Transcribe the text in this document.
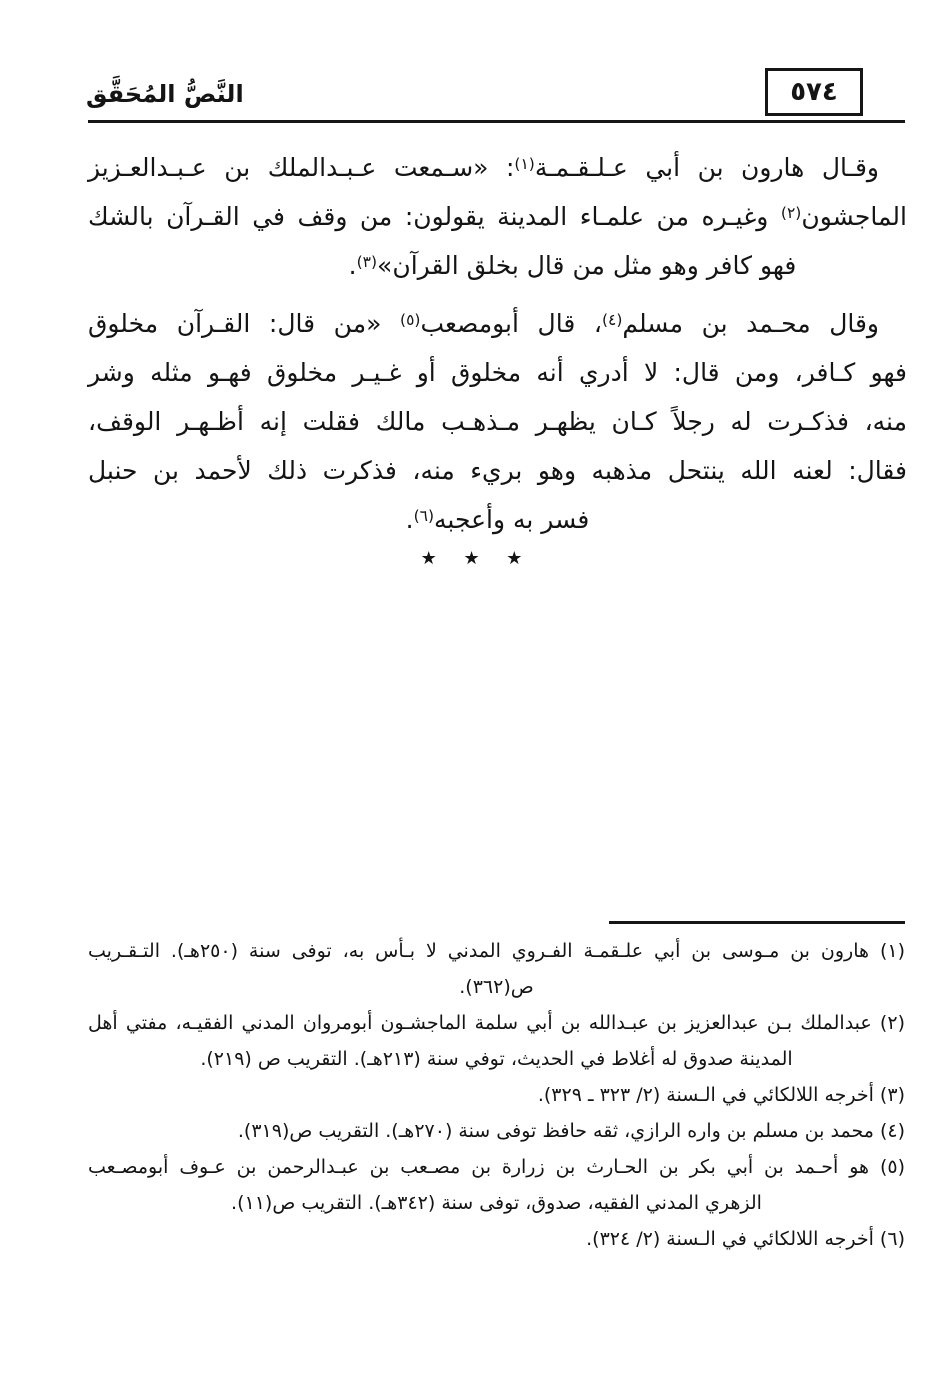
النَّصُّ المُحَقَّق	٥٧٤
وقـال هارون بن أبي عـلـقـمـة$^{(١)}$: «سـمعت عـبـدالملك بن عـبـدالعـزيز
الماجشون$^{(٢)}$ وغيـره من علمـاء المدينة يقولون: من وقف في القـرآن بالشك
فهو كافر وهو مثل من قال بخلق القرآن»$^{(٣)}$.
وقال محـمد بن مسلم$^{(٤)}$، قال أبومصعب$^{(٥)}$ «من قال: القـرآن مخلوق
فهو كـافر، ومن قال: لا أدري أنه مخلوق أو غـيـر مخلوق فهـو مثله وشر
منه، فذكـرت له رجلاً كـان يظهـر مـذهـب مالك فقلت إنه أظـهـر الوقف،
فقال: لعنه الله ينتحل مذهبه وهو بريء منه، فذكرت ذلك لأحمد بن حنبل
فسر به وأعجبه$^{(٦)}$.
٭ ٭ ٭
(١) هارون بن مـوسى بن أبي علـقمـة الفـروي المدني لا بـأس به، توفى سنة (٢٥٠هـ). التـقـريب
ص(٣٦٢).
(٢) عبدالملك بـن عبدالعزيز بن عبـدالله بن أبي سلمة الماجشـون أبومروان المدني الفقيـه، مفتي أهل
المدينة صدوق له أغلاط في الحديث، توفي سنة (٢١٣هـ). التقريب ص (٢١٩).
(٣) أخرجه اللالكائي في الـسنة (٢/ ٣٢٣ ـ ٣٢٩).
(٤) محمد بن مسلم بن واره الرازي، ثقه حافظ توفى سنة (٢٧٠هـ). التقريب ص(٣١٩).
(٥) هو أحـمد بن أبي بكر بن الحـارث بن زرارة بن مصـعب بن عبـدالرحمن بن عـوف أبومصـعب
الزهري المدني الفقيه، صدوق، توفى سنة (٣٤٢هـ). التقريب ص(١١).
(٦) أخرجه اللالكائي في الـسنة (٢/ ٣٢٤).
